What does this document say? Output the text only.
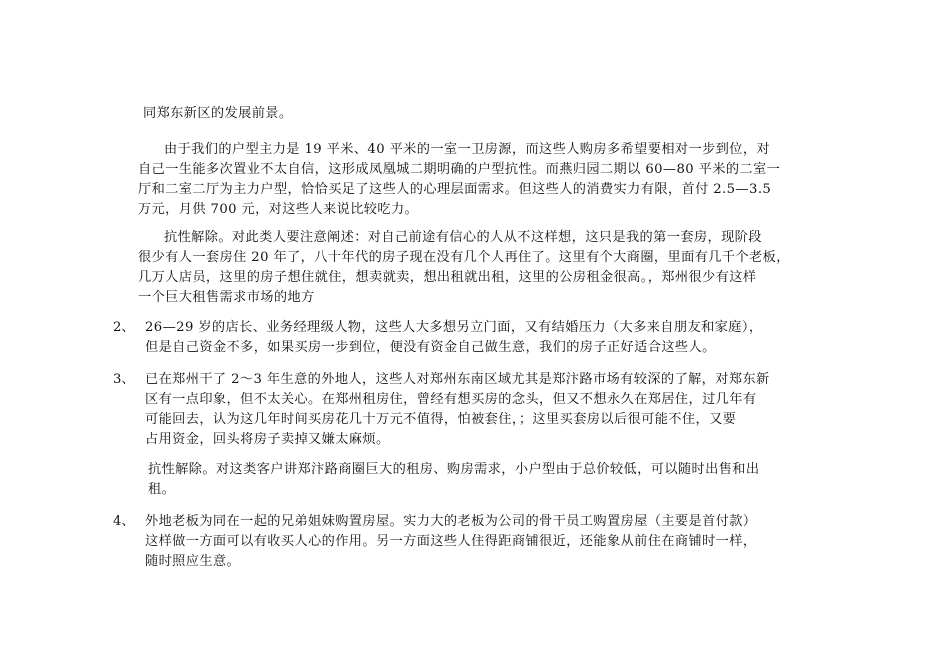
同郑东新区的发展前景。
由于我们的户型主力是 19 平米、40 平米的一室一卫房源，而这些人购房多希望要相对一步到位，对
自己一生能多次置业不太自信，这形成凤凰城二期明确的户型抗性。而燕归园二期以 60—80 平米的二室一
厅和二室二厅为主力户型，恰恰买足了这些人的心理层面需求。但这些人的消费实力有限，首付 2.5—3.5
万元，月供 700 元，对这些人来说比较吃力。
抗性解除。对此类人要注意阐述：对自己前途有信心的人从不这样想，这只是我的第一套房，现阶段
很少有人一套房住 20 年了，八十年代的房子现在没有几个人再住了。这里有个大商圈，里面有几千个老板，
几万人店员，这里的房子想住就住，想卖就卖，想出租就出租，这里的公房租金很高。，郑州很少有这样
一个巨大租售需求市场的地方
2、 26—29 岁的店长、业务经理级人物，这些人大多想另立门面，又有结婚压力（大多来自朋友和家庭），
但是自己资金不多，如果买房一步到位，便没有资金自己做生意，我们的房子正好适合这些人。
3、 已在郑州干了 2～3 年生意的外地人，这些人对郑州东南区域尤其是郑汴路市场有较深的了解，对郑东新
区有一点印象，但不太关心。在郑州租房住，曾经有想买房的念头，但又不想永久在郑居住，过几年有
可能回去，认为这几年时间买房花几十万元不值得，怕被套住，；这里买套房以后很可能不住，又要
占用资金，回头将房子卖掉又嫌太麻烦。
抗性解除。对这类客户讲郑汴路商圈巨大的租房、购房需求，小户型由于总价较低，可以随时出售和出
租。
4、 外地老板为同在一起的兄弟姐妹购置房屋。实力大的老板为公司的骨干员工购置房屋（主要是首付款）
这样做一方面可以有收买人心的作用。另一方面这些人住得距商铺很近，还能象从前住在商铺时一样，
随时照应生意。
